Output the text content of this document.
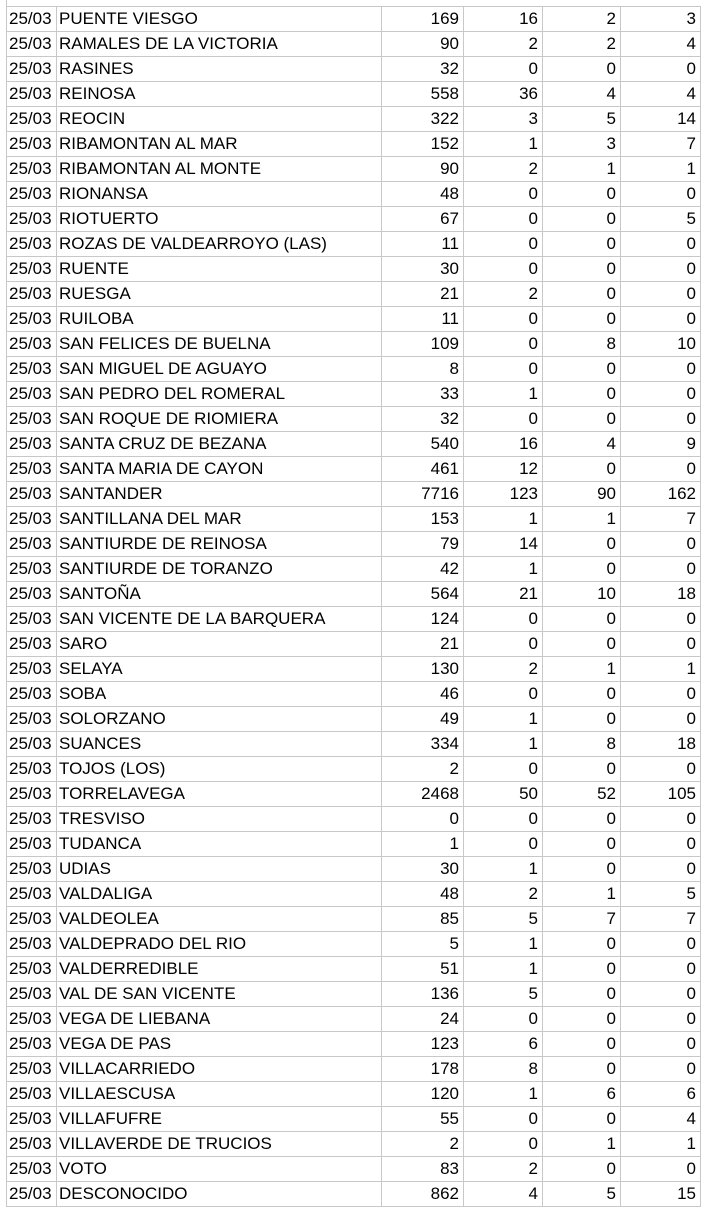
25/03	PUENTE VIESGO	169	16	2	3
25/03	RAMALES DE LA VICTORIA	90	2	2	4
25/03	RASINES	32	0	0	0
25/03	REINOSA	558	36	4	4
25/03	REOCIN	322	3	5	14
25/03	RIBAMONTAN AL MAR	152	1	3	7
25/03	RIBAMONTAN AL MONTE	90	2	1	1
25/03	RIONANSA	48	0	0	0
25/03	RIOTUERTO	67	0	0	5
25/03	ROZAS DE VALDEARROYO (LAS)	11	0	0	0
25/03	RUENTE	30	0	0	0
25/03	RUESGA	21	2	0	0
25/03	RUILOBA	11	0	0	0
25/03	SAN FELICES DE BUELNA	109	0	8	10
25/03	SAN MIGUEL DE AGUAYO	8	0	0	0
25/03	SAN PEDRO DEL ROMERAL	33	1	0	0
25/03	SAN ROQUE DE RIOMIERA	32	0	0	0
25/03	SANTA CRUZ DE BEZANA	540	16	4	9
25/03	SANTA MARIA DE CAYON	461	12	0	0
25/03	SANTANDER	7716	123	90	162
25/03	SANTILLANA DEL MAR	153	1	1	7
25/03	SANTIURDE DE REINOSA	79	14	0	0
25/03	SANTIURDE DE TORANZO	42	1	0	0
25/03	SANTOÑA	564	21	10	18
25/03	SAN VICENTE DE LA BARQUERA	124	0	0	0
25/03	SARO	21	0	0	0
25/03	SELAYA	130	2	1	1
25/03	SOBA	46	0	0	0
25/03	SOLORZANO	49	1	0	0
25/03	SUANCES	334	1	8	18
25/03	TOJOS (LOS)	2	0	0	0
25/03	TORRELAVEGA	2468	50	52	105
25/03	TRESVISO	0	0	0	0
25/03	TUDANCA	1	0	0	0
25/03	UDIAS	30	1	0	0
25/03	VALDALIGA	48	2	1	5
25/03	VALDEOLEA	85	5	7	7
25/03	VALDEPRADO DEL RIO	5	1	0	0
25/03	VALDERREDIBLE	51	1	0	0
25/03	VAL DE SAN VICENTE	136	5	0	0
25/03	VEGA DE LIEBANA	24	0	0	0
25/03	VEGA DE PAS	123	6	0	0
25/03	VILLACARRIEDO	178	8	0	0
25/03	VILLAESCUSA	120	1	6	6
25/03	VILLAFUFRE	55	0	0	4
25/03	VILLAVERDE DE TRUCIOS	2	0	1	1
25/03	VOTO	83	2	0	0
25/03	DESCONOCIDO	862	4	5	15
